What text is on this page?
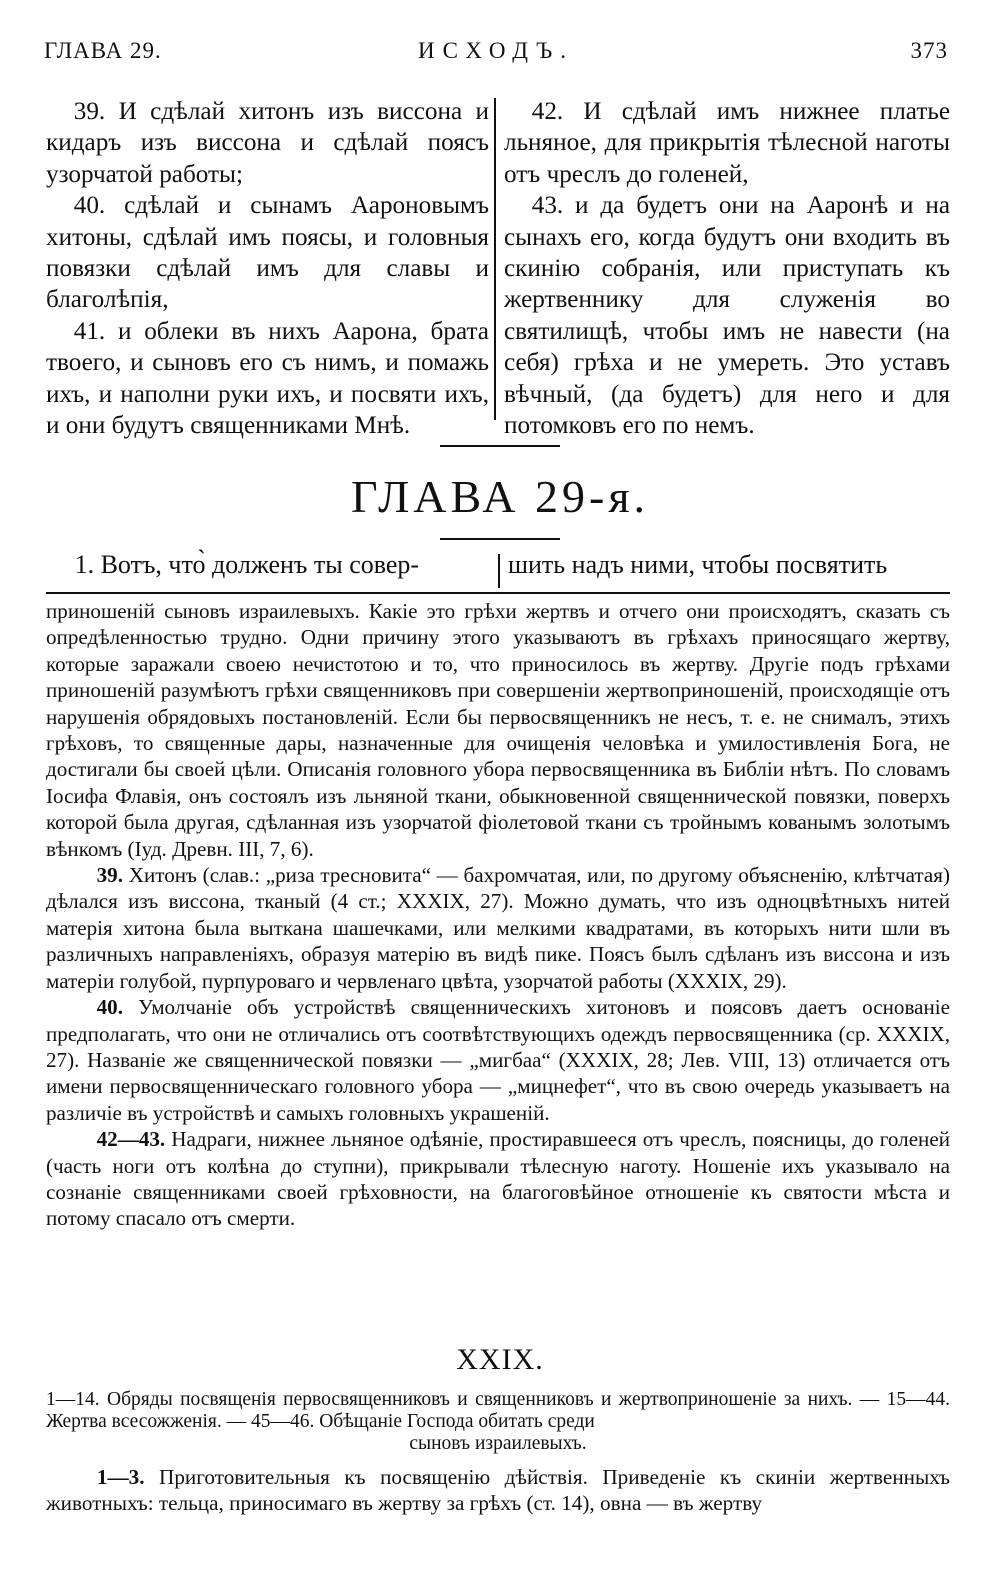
ГЛАВА 29.	ИСХОДЪ.	373

39. И сдѣлай хитонъ изъ виссона и кидаръ изъ виссона и сдѣлай поясъ узорчатой работы;

40. сдѣлай и сынамъ Аароновымъ хитоны, сдѣлай имъ поясы, и головныя повязки сдѣлай имъ для славы и благолѣпія,

41. и облеки въ нихъ Аарона, брата твоего, и сыновъ его съ нимъ, и помажь ихъ, и наполни руки ихъ, и посвяти ихъ, и они будутъ священниками Мнѣ.

42. И сдѣлай имъ нижнее платье льняное, для прикрытія тѣлесной наготы отъ чреслъ до голеней,

43. и да будетъ они на Ааронѣ и на сынахъ его, когда будутъ они входить въ скинію собранія, или приступать къ жертвеннику для служенія во святилищѣ, чтобы имъ не навести (на себя) грѣха и не умереть. Это уставъ вѣчный, (да будетъ) для него и для потомковъ его по немъ.

ГЛАВА 29-я.
1. Вотъ, что̀ долженъ ты совер-	шить надъ ними, чтобы посвятить

приношеній сыновъ израилевыхъ. Какіе это грѣхи жертвъ и отчего они происходятъ, сказать съ опредѣленностью трудно. Одни причину этого указываютъ въ грѣхахъ приносящаго жертву, которые заражали своею нечистотою и то, что приносилось въ жертву. Другіе подъ грѣхами приношеній разумѣютъ грѣхи священниковъ при совершеніи жертвоприношеній, происходящіе отъ нарушенія обрядовыхъ постановленій. Если бы первосвященникъ не несъ, т. е. не снималъ, этихъ грѣховъ, то священные дары, назначенные для очищенія человѣка и умилостивленія Бога, не достигали бы своей цѣли. Описанія головного убора первосвященника въ Библіи нѣтъ. По словамъ Іосифа Флавія, онъ состоялъ изъ льняной ткани, обыкновенной священнической повязки, поверхъ которой была другая, сдѣланная изъ узорчатой фіолетовой ткани съ тройнымъ кованымъ золотымъ вѣнкомъ (Іуд. Древн. III, 7, 6).

39. Хитонъ (слав.: „риза тресновита“ — бахромчатая, или, по другому объясненію, клѣтчатая) дѣлался изъ виссона, тканый (4 ст.; XXXIX, 27). Можно думать, что изъ одноцвѣтныхъ нитей матерія хитона была выткана шашечками, или мелкими квадратами, въ которыхъ нити шли въ различныхъ направленіяхъ, образуя матерію въ видѣ пике. Поясъ былъ сдѣланъ изъ виссона и изъ матеріи голубой, пурпуроваго и червленаго цвѣта, узорчатой работы (XXXIX, 29).

40. Умолчаніе объ устройствѣ священническихъ хитоновъ и поясовъ даетъ основаніе предполагать, что они не отличались отъ соотвѣтствующихъ одеждъ первосвященника (ср. XXXIX, 27). Названіе же священнической повязки — „мигбаа“ (XXXIX, 28; Лев. VIII, 13) отличается отъ имени первосвященническаго головного убора — „мицнефет“, что въ свою очередь указываетъ на различіе въ устройствѣ и самыхъ головныхъ украшеній.

42—43. Надраги, нижнее льняное одѣяніе, простиравшееся отъ чреслъ, поясницы, до голеней (часть ноги отъ колѣна до ступни), прикрывали тѣлесную наготу. Ношеніе ихъ указывало на сознаніе священниками своей грѣховности, на благоговѣйное отношеніе къ святости мѣста и потому спасало отъ смерти.

XXIX.
1—14. Обряды посвященія первосвященниковъ и священниковъ и жертвоприношеніе за нихъ. — 15—44. Жертва всесожженія. — 45—46. Обѣщаніе Господа обитать среди
сыновъ израилевыхъ.

1—3. Приготовительныя къ посвященію дѣйствія. Приведеніе къ скиніи жертвенныхъ животныхъ: тельца, приносимаго въ жертву за грѣхъ (ст. 14), овна — въ жертву
